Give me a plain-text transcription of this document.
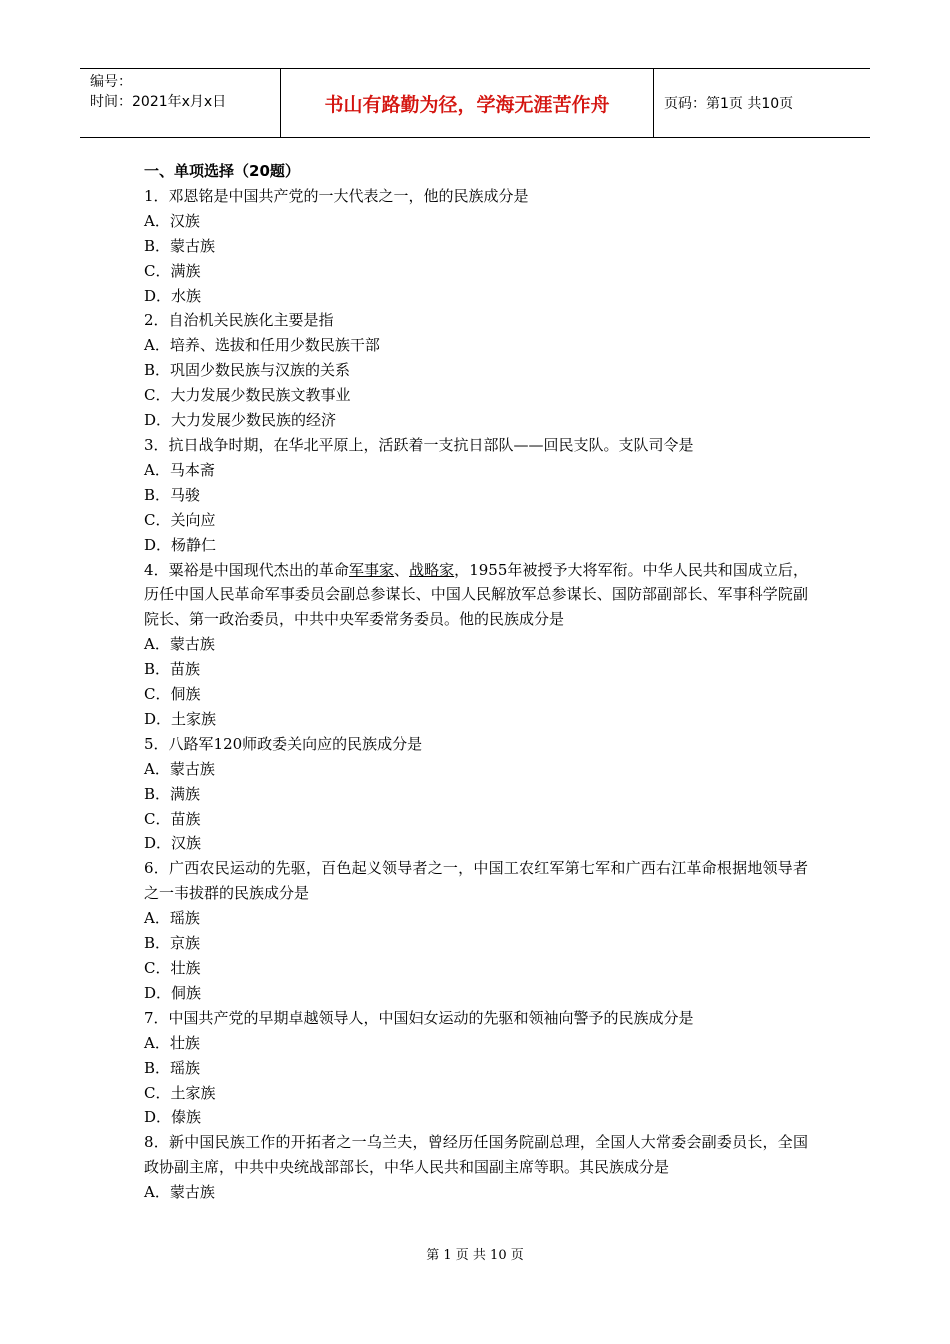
编号：
时间：2021年x月x日	书山有路勤为径，学海无涯苦作舟	页码：第1页 共10页

一、单项选择（20题）

1．邓恩铭是中国共产党的一大代表之一，他的民族成分是

A．汉族

B．蒙古族

C．满族

D．水族

2．自治机关民族化主要是指

A．培养、选拔和任用少数民族干部

B．巩固少数民族与汉族的关系

C．大力发展少数民族文教事业

D．大力发展少数民族的经济

3．抗日战争时期，在华北平原上，活跃着一支抗日部队——回民支队。支队司令是

A．马本斋

B．马骏

C．关向应

D．杨静仁

4．粟裕是中国现代杰出的革命军事家、战略家，1955年被授予大将军衔。中华人民共和国成立后，历任中国人民革命军事委员会副总参谋长、中国人民解放军总参谋长、国防部副部长、军事科学院副院长、第一政治委员，中共中央军委常务委员。他的民族成分是

A．蒙古族

B．苗族

C．侗族

D．土家族

5．八路军120师政委关向应的民族成分是

A．蒙古族

B．满族

C．苗族

D．汉族

6．广西农民运动的先驱，百色起义领导者之一，中国工农红军第七军和广西右江革命根据地领导者之一韦拔群的民族成分是

A．瑶族

B．京族

C．壮族

D．侗族

7．中国共产党的早期卓越领导人，中国妇女运动的先驱和领袖向警予的民族成分是

A．壮族

B．瑶族

C．土家族

D．傣族

8．新中国民族工作的开拓者之一乌兰夫，曾经历任国务院副总理，全国人大常委会副委员长，全国政协副主席，中共中央统战部部长，中华人民共和国副主席等职。其民族成分是

A．蒙古族

第 1 页 共 10 页
